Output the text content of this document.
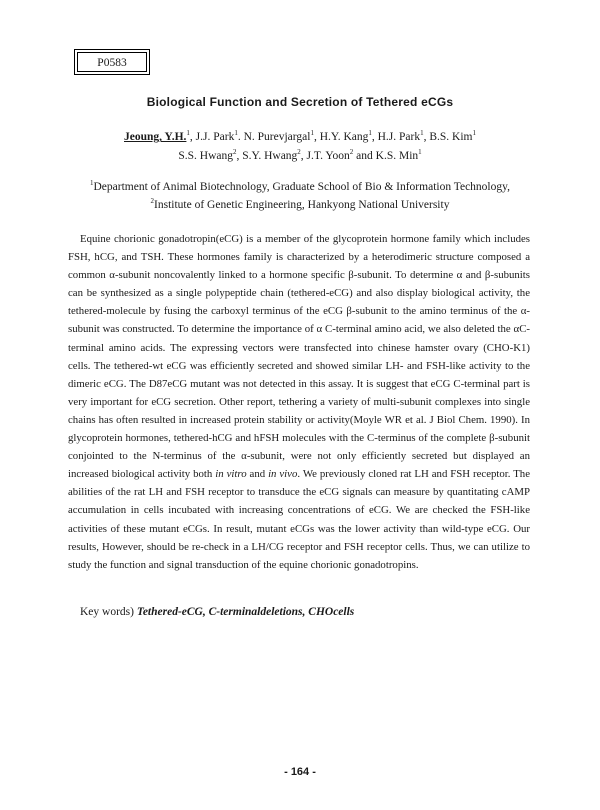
P0583
Biological Function and Secretion of Tethered eCGs
Jeoung, Y.H.$^1$, J.J. Park$^1$. N. Purevjargal$^1$, H.Y. Kang$^1$, H.J. Park$^1$, B.S. Kim$^1$
S.S. Hwang$^2$, S.Y. Hwang$^2$, J.T. Yoon$^2$ and K.S. Min$^1$
$^1$Department of Animal Biotechnology, Graduate School of Bio & Information Technology,
$^2$Institute of Genetic Engineering, Hankyong National University

Equine chorionic gonadotropin(eCG) is a member of the glycoprotein hormone family which includes FSH, hCG, and TSH. These hormones family is characterized by a heterodimeric structure composed a common α-subunit noncovalently linked to a hormone specific β-subunit. To determine α and β-subunits can be synthesized as a single polypeptide chain (tethered-eCG) and also display biological activity, the tethered-molecule by fusing the carboxyl terminus of the eCG β-subunit to the amino terminus of the α-subunit was constructed. To determine the importance of α C-terminal amino acid, we also deleted the αC-terminal amino acids. The expressing vectors were transfected into chinese hamster ovary (CHO-K1) cells. The tethered-wt eCG was efficiently secreted and showed similar LH- and FSH-like activity to the dimeric eCG. The D87eCG mutant was not detected in this assay. It is suggest that eCG C-terminal part is very important for eCG secretion. Other report, tethering a variety of multi-subunit complexes into single chains has often resulted in increased protein stability or activity(Moyle WR et al. J Biol Chem. 1990). In glycoprotein hormones, tethered-hCG and hFSH molecules with the C-terminus of the complete β-subunit conjointed to the N-terminus of the α-subunit, were not only efficiently secreted but displayed an increased biological activity both in vitro and in vivo. We previously cloned rat LH and FSH receptor. The abilities of the rat LH and FSH receptor to transduce the eCG signals can measure by quantitating cAMP accumulation in cells incubated with increasing concentrations of eCG. We are checked the FSH-like activities of these mutant eCGs. In result, mutant eCGs was the lower activity than wild-type eCG. Our results, However, should be re-check in a LH/CG receptor and FSH receptor cells. Thus, we can utilize to study the function and signal transduction of the equine chorionic gonadotropins.

Key words) Tethered-eCG, C-terminaldeletions, CHOcells
- 164 -
